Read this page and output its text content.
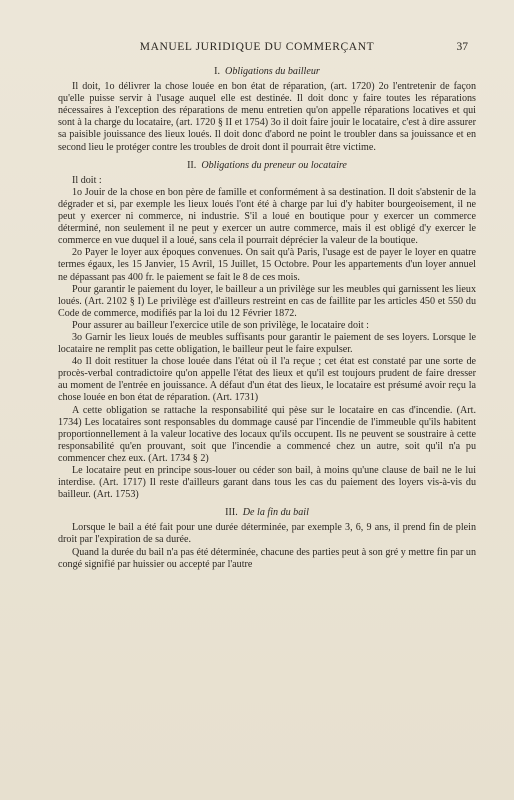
MANUEL JURIDIQUE DU COMMERÇANT	37
I. Obligations du bailleur

Il doit, 1o délivrer la chose louée en bon état de réparation, (art. 1720) 2o l'entretenir de façon qu'elle puisse servir à l'usage auquel elle est destinée. Il doit donc y faire toutes les réparations nécessaires à l'exception des réparations de menu entretien qu'on appelle réparations locatives et qui sont à la charge du locataire, (art. 1720 § II et 1754) 3o il doit faire jouir le locataire, c'est à dire assurer sa paisible jouissance des lieux loués. Il doit donc d'abord ne point le troubler dans sa jouissance et en second lieu le protéger contre les troubles de droit dont il pourrait être victime.

II. Obligations du preneur ou locataire

Il doit :

1o Jouir de la chose en bon père de famille et conformément à sa destination. Il doit s'abstenir de la dégrader et si, par exemple les lieux loués l'ont été à charge par lui d'y habiter bourgeoisement, il ne peut y exercer ni commerce, ni industrie. S'il a loué en boutique pour y exercer un commerce déterminé, non seulement il ne peut y exercer un autre commerce, mais il est obligé d'y exercer le commerce en vue duquel il a loué, sans cela il pourrait déprécier la valeur de la boutique.

2o Payer le loyer aux époques convenues. On sait qu'à Paris, l'usage est de payer le loyer en quatre termes égaux, les 15 Janvier, 15 Avril, 15 Juillet, 15 Octobre. Pour les appartements d'un loyer annuel ne dépassant pas 400 fr. le paiement se fait le 8 de ces mois.

Pour garantir le paiement du loyer, le bailleur a un privilège sur les meubles qui garnissent les lieux loués. (Art. 2102 § I) Le privilège est d'ailleurs restreint en cas de faillite par les articles 450 et 550 du Code de commerce, modifiés par la loi du 12 Février 1872.

Pour assurer au bailleur l'exercice utile de son privilège, le locataire doit :

3o Garnir les lieux loués de meubles suffisants pour garantir le paiement de ses loyers. Lorsque le locataire ne remplit pas cette obligation, le bailleur peut le faire expulser.

4o Il doit restituer la chose louée dans l'état où il l'a reçue ; cet état est constaté par une sorte de procès-verbal contradictoire qu'on appelle l'état des lieux et qu'il est toujours prudent de faire dresser au moment de l'entrée en jouissance. A défaut d'un état des lieux, le locataire est présumé avoir reçu la chose louée en bon état de réparation. (Art. 1731)

A cette obligation se rattache la responsabilité qui pèse sur le locataire en cas d'incendie. (Art. 1734) Les locataires sont responsables du dommage causé par l'incendie de l'immeuble qu'ils habitent proportionnellement à la valeur locative des locaux qu'ils occupent. Ils ne peuvent se soustraire à cette responsabilité qu'en prouvant, soit que l'incendie a commencé chez un autre, soit qu'il n'a pu commencer chez eux. (Art. 1734 § 2)

Le locataire peut en principe sous-louer ou céder son bail, à moins qu'une clause de bail ne le lui interdise. (Art. 1717) Il reste d'ailleurs garant dans tous les cas du paiement des loyers vis-à-vis du bailleur. (Art. 1753)

III. De la fin du bail

Lorsque le bail a été fait pour une durée déterminée, par exemple 3, 6, 9 ans, il prend fin de plein droit par l'expiration de sa durée.

Quand la durée du bail n'a pas été déterminée, chacune des parties peut à son gré y mettre fin par un congé signifié par huissier ou accepté par l'autre
